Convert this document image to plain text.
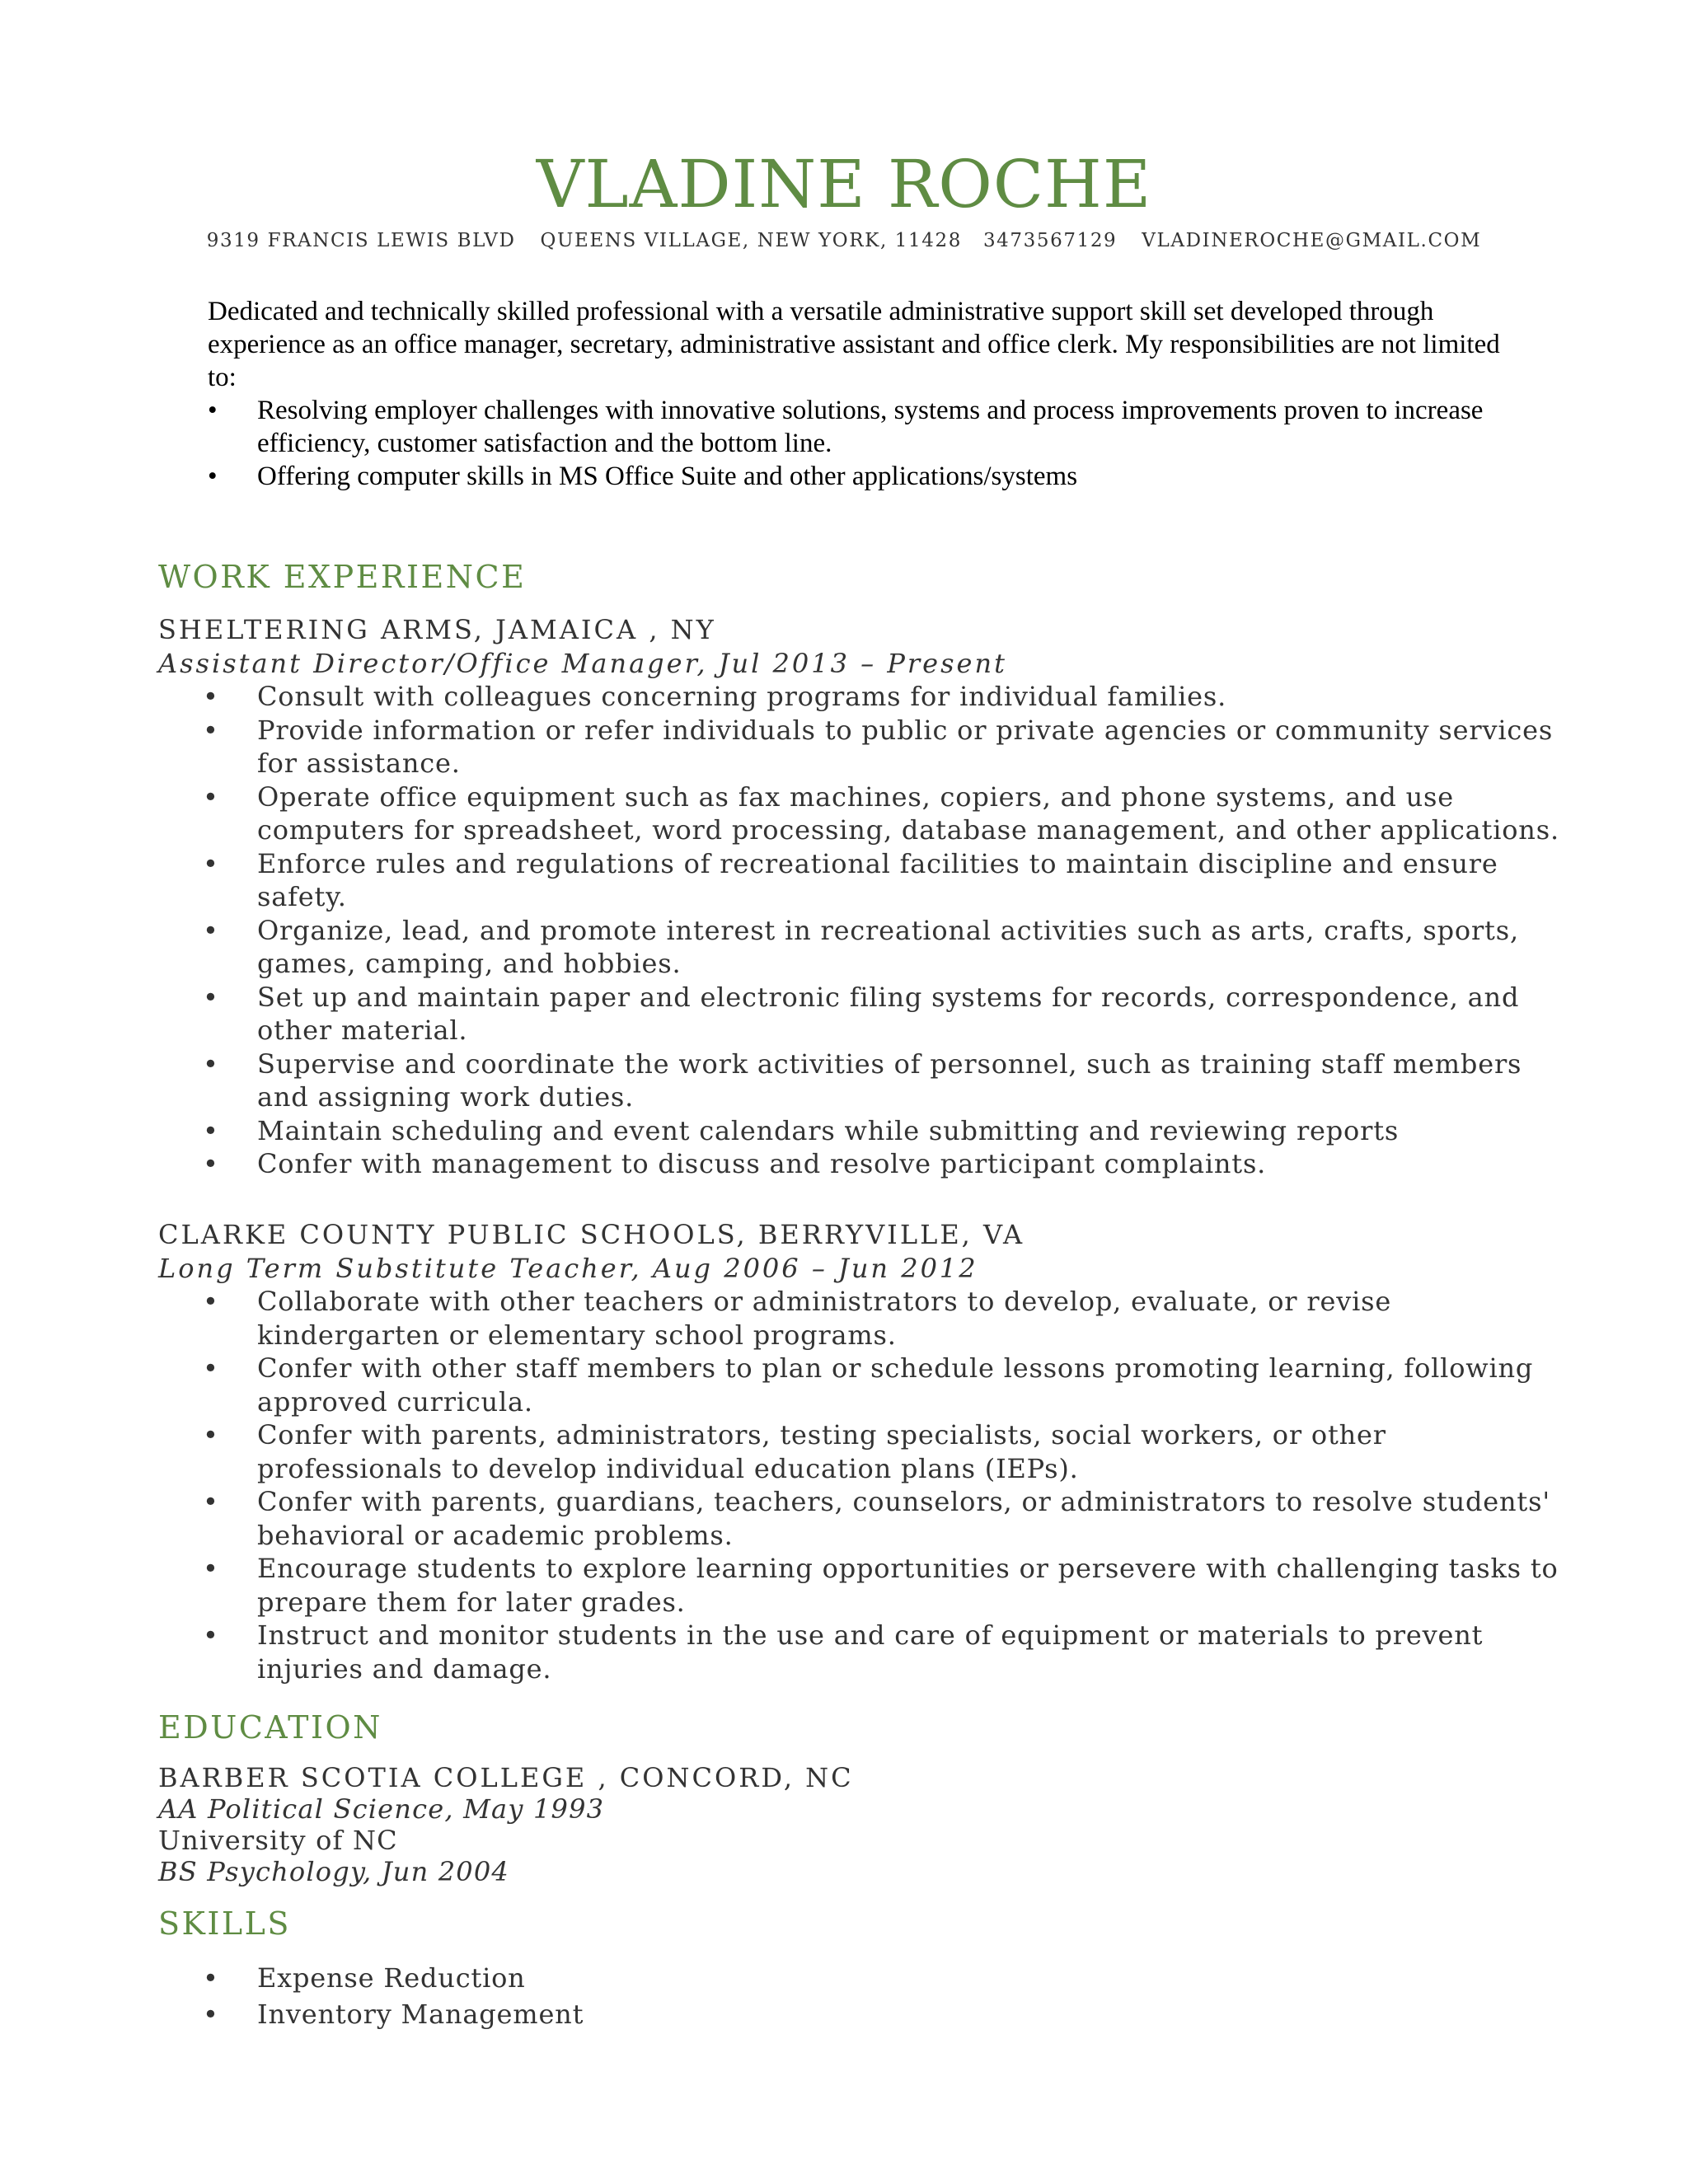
VLADINE ROCHE
9319 FRANCIS LEWIS BLVD QUEENS VILLAGE, NEW YORK, 11428 3473567129 VLADINEROCHE@GMAIL.COM

Dedicated and technically skilled professional with a versatile administrative support skill set developed through experience as an office manager, secretary, administrative assistant and office clerk. My responsibilities are not limited to:

•	Resolving employer challenges with innovative solutions, systems and process improvements proven to increase efficiency, customer satisfaction and the bottom line.
•	Offering computer skills in MS Office Suite and other applications/systems
WORK EXPERIENCE
SHELTERING ARMS, JAMAICA , NY
Assistant Director/Office Manager, Jul 2013 – Present
•	Consult with colleagues concerning programs for individual families.
•	Provide information or refer individuals to public or private agencies or community services for assistance.
•	Operate office equipment such as fax machines, copiers, and phone systems, and use computers for spreadsheet, word processing, database management, and other applications.
•	Enforce rules and regulations of recreational facilities to maintain discipline and ensure safety.
•	Organize, lead, and promote interest in recreational activities such as arts, crafts, sports, games, camping, and hobbies.
•	Set up and maintain paper and electronic filing systems for records, correspondence, and other material.
•	Supervise and coordinate the work activities of personnel, such as training staff members and assigning work duties.
•	Maintain scheduling and event calendars while submitting and reviewing reports
•	Confer with management to discuss and resolve participant complaints.
CLARKE COUNTY PUBLIC SCHOOLS, BERRYVILLE, VA
Long Term Substitute Teacher, Aug 2006 – Jun 2012
•	Collaborate with other teachers or administrators to develop, evaluate, or revise kindergarten or elementary school programs.
•	Confer with other staff members to plan or schedule lessons promoting learning, following approved curricula.
•	Confer with parents, administrators, testing specialists, social workers, or other professionals to develop individual education plans (IEPs).
•	Confer with parents, guardians, teachers, counselors, or administrators to resolve students' behavioral or academic problems.
•	Encourage students to explore learning opportunities or persevere with challenging tasks to prepare them for later grades.
•	Instruct and monitor students in the use and care of equipment or materials to prevent injuries and damage.
EDUCATION
BARBER SCOTIA COLLEGE , CONCORD, NC
AA Political Science, May 1993
University of NC
BS Psychology, Jun 2004
SKILLS
•	Expense Reduction
•	Inventory Management
